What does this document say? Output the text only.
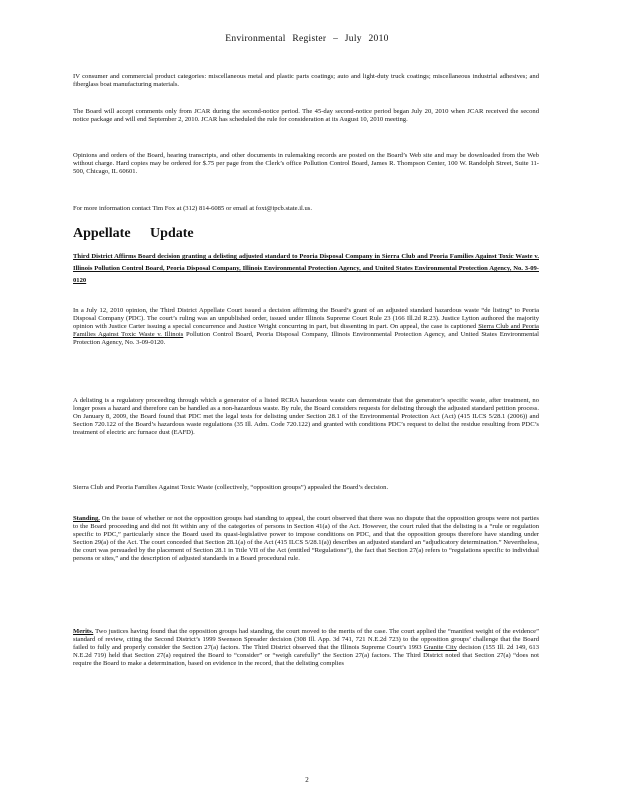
Environmental Register – July 2010
IV consumer and commercial product categories: miscellaneous metal and plastic parts coatings; auto and light-duty truck coatings; miscellaneous industrial adhesives; and fiberglass boat manufacturing materials.
The Board will accept comments only from JCAR during the second-notice period. The 45-day second-notice period began July 20, 2010 when JCAR received the second notice package and will end September 2, 2010. JCAR has scheduled the rule for consideration at its August 10, 2010 meeting.
Opinions and orders of the Board, hearing transcripts, and other documents in rulemaking records are posted on the Board’s Web site and may be downloaded from the Web without charge. Hard copies may be ordered for $.75 per page from the Clerk’s office Pollution Control Board, James R. Thompson Center, 100 W. Randolph Street, Suite 11-500, Chicago, IL 60601.
For more information contact Tim Fox at (312) 814-6085 or email at foxt@ipcb.state.il.us.
Appellate Update
Third District Affirms Board decision granting a delisting adjusted standard to Peoria Disposal Company in Sierra Club and Peoria Families Against Toxic Waste v. Illinois Pollution Control Board, Peoria Disposal Company, Illinois Environmental Protection Agency, and United States Environmental Protection Agency, No. 3-09-0120
In a July 12, 2010 opinion, the Third District Appellate Court issued a decision affirming the Board’s grant of an adjusted standard hazardous waste “de listing” to Peoria Disposal Company (PDC). The court’s ruling was an unpublished order, issued under Illinois Supreme Court Rule 23 (166 Ill.2d R.23). Justice Lytton authored the majority opinion with Justice Carter issuing a special concurrence and Justice Wright concurring in part, but dissenting in part. On appeal, the case is captioned Sierra Club and Peoria Families Against Toxic Waste v. Illinois Pollution Control Board, Peoria Disposal Company, Illinois Environmental Protection Agency, and United States Environmental Protection Agency, No. 3-09-0120.
A delisting is a regulatory proceeding through which a generator of a listed RCRA hazardous waste can demonstrate that the generator’s specific waste, after treatment, no longer poses a hazard and therefore can be handled as a non-hazardous waste. By rule, the Board considers requests for delisting through the adjusted standard petition process. On January 8, 2009, the Board found that PDC met the legal tests for delisting under Section 28.1 of the Environmental Protection Act (Act) (415 ILCS 5/28.1 (2006)) and Section 720.122 of the Board’s hazardous waste regulations (35 Ill. Adm. Code 720.122) and granted with conditions PDC’s request to delist the residue resulting from PDC’s treatment of electric arc furnace dust (EAFD).
Sierra Club and Peoria Families Against Toxic Waste (collectively, “opposition groups”) appealed the Board’s decision.
Standing. On the issue of whether or not the opposition groups had standing to appeal, the court observed that there was no dispute that the opposition groups were not parties to the Board proceeding and did not fit within any of the categories of persons in Section 41(a) of the Act. However, the court ruled that the delisting is a “rule or regulation specific to PDC,” particularly since the Board used its quasi-legislative power to impose conditions on PDC, and that the opposition groups therefore have standing under Section 29(a) of the Act. The court conceded that Section 28.1(a) of the Act (415 ILCS 5/28.1(a)) describes an adjusted standard an “adjudicatory determination.” Nevertheless, the court was persuaded by the placement of Section 28.1 in Title VII of the Act (entitled “Regulations”), the fact that Section 27(a) refers to “regulations specific to individual persons or sites,” and the description of adjusted standards in a Board procedural rule.
Merits. Two justices having found that the opposition groups had standing, the court moved to the merits of the case. The court applied the “manifest weight of the evidence” standard of review, citing the Second District’s 1999 Swenson Spreader decision (308 Ill. App. 3d 741, 721 N.E.2d 723) to the opposition groups’ challenge that the Board failed to fully and properly consider the Section 27(a) factors. The Third District observed that the Illinois Supreme Court’s 1993 Granite City decision (155 Ill. 2d 149, 613 N.E.2d 719) held that Section 27(a) required the Board to “consider” or “weigh carefully” the Section 27(a) factors. The Third District noted that Section 27(a) “does not require the Board to make a determination, based on evidence in the record, that the delisting complies
2
